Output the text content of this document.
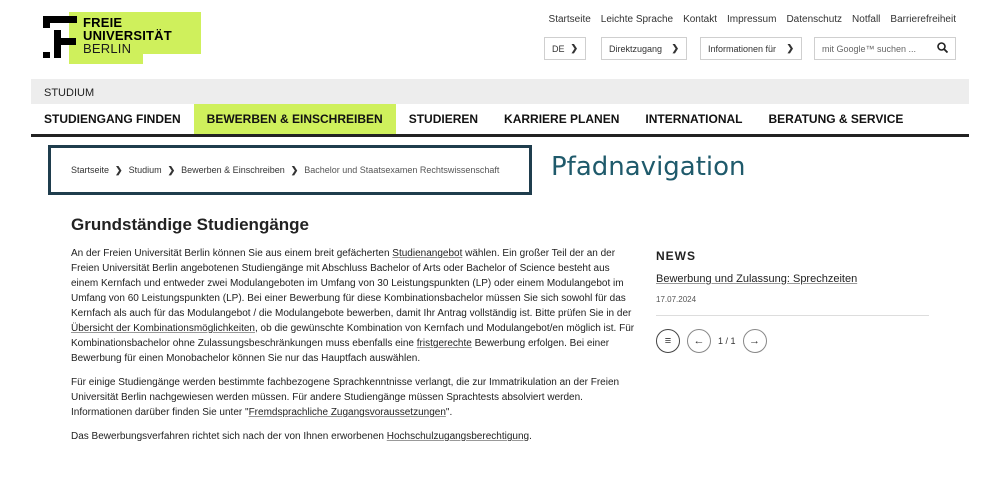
FREIE
UNIVERSITÄT
BERLIN
Startseite Leichte Sprache Kontakt Impressum Datenschutz Notfall Barrierefreiheit
DE ❯	Direktzugang ❯	Informationen für ❯	mit Google™ suchen ...
STUDIUM
STUDIENGANG FINDEN	BEWERBEN & EINSCHREIBEN	STUDIEREN	KARRIERE PLANEN	INTERNATIONAL	BERATUNG & SERVICE
Startseite ❯ Studium ❯ Bewerben & Einschreiben ❯ Bachelor und Staatsexamen Rechtswissenschaft Pfadnavigation
Grundständige Studiengänge

An der Freien Universität Berlin können Sie aus einem breit gefächerten Studienangebot wählen. Ein großer Teil der an der Freien Universität Berlin angebotenen Studiengänge mit Abschluss Bachelor of Arts oder Bachelor of Science besteht aus einem Kernfach und entweder zwei Modulangeboten im Umfang von 30 Leistungspunkten (LP) oder einem Modulangebot im Umfang von 60 Leistungspunkten (LP). Bei einer Bewerbung für diese Kombinationsbachelor müssen Sie sich sowohl für das Kernfach als auch für das Modulangebot / die Modulangebote bewerben, damit Ihr Antrag vollständig ist. Bitte prüfen Sie in der Übersicht der Kombinationsmöglichkeiten, ob die gewünschte Kombination von Kernfach und Modulangebot/en möglich ist. Für Kombinationsbachelor ohne Zulassungsbeschränkungen muss ebenfalls eine fristgerechte Bewerbung erfolgen. Bei einer Bewerbung für einen Monobachelor können Sie nur das Hauptfach auswählen.

Für einige Studiengänge werden bestimmte fachbezogene Sprachkenntnisse verlangt, die zur Immatrikulation an der Freien Universität Berlin nachgewiesen werden müssen. Für andere Studiengänge müssen Sprachtests absolviert werden. Informationen darüber finden Sie unter "Fremdsprachliche Zugangsvoraussetzungen".

Das Bewerbungsverfahren richtet sich nach der von Ihnen erworbenen Hochschulzugangsberechtigung.

NEWS
Bewerbung und Zulassung: Sprechzeiten
17.07.2024
≡	←	1 / 1	→
